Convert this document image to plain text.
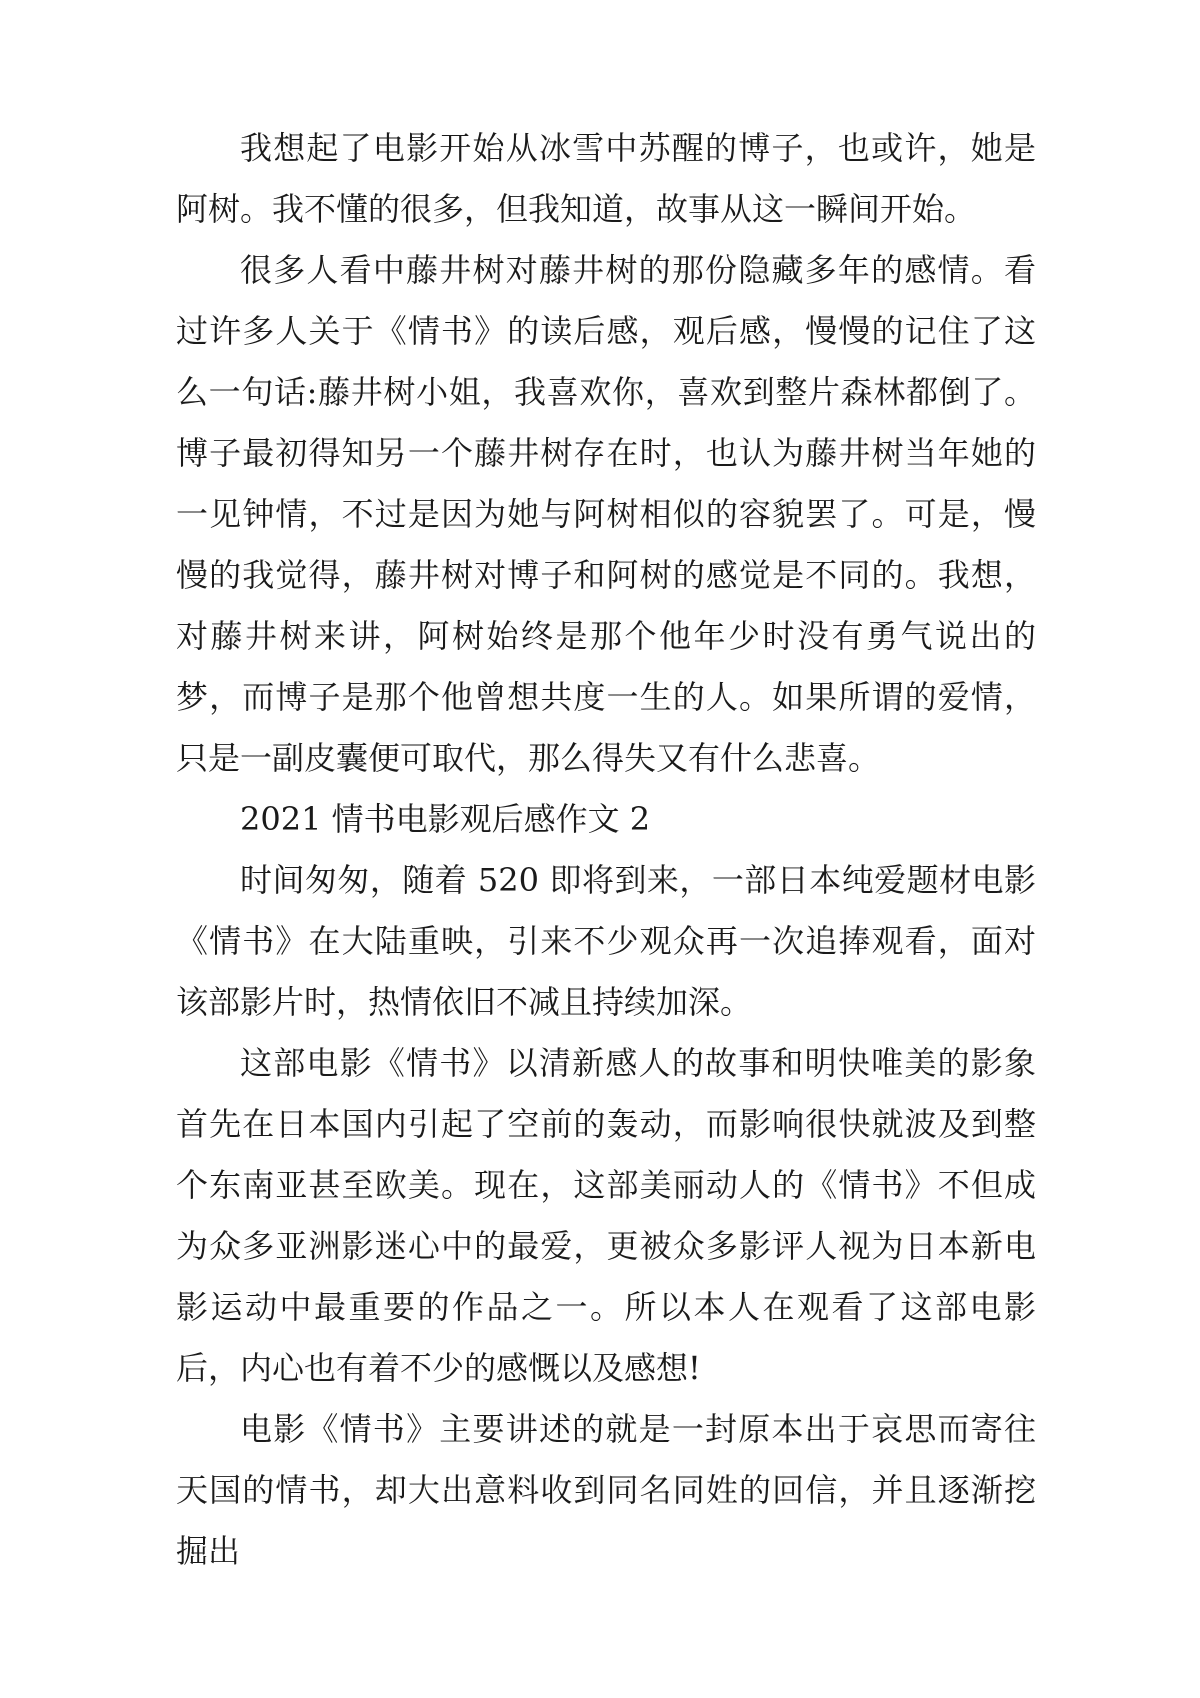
我想起了电影开始从冰雪中苏醒的博子，也或许，她是阿树。我不懂的很多，但我知道，故事从这一瞬间开始。

很多人看中藤井树对藤井树的那份隐藏多年的感情。看过许多人关于《情书》的读后感，观后感，慢慢的记住了这么一句话:藤井树小姐，我喜欢你，喜欢到整片森林都倒了。博子最初得知另一个藤井树存在时，也认为藤井树当年她的一见钟情，不过是因为她与阿树相似的容貌罢了。可是，慢慢的我觉得，藤井树对博子和阿树的感觉是不同的。我想，对藤井树来讲，阿树始终是那个他年少时没有勇气说出的梦，而博子是那个他曾想共度一生的人。如果所谓的爱情，只是一副皮囊便可取代，那么得失又有什么悲喜。

2021 情书电影观后感作文 2

时间匆匆，随着 520 即将到来，一部日本纯爱题材电影《情书》在大陆重映，引来不少观众再一次追捧观看，面对该部影片时，热情依旧不减且持续加深。

这部电影《情书》以清新感人的故事和明快唯美的影象首先在日本国内引起了空前的轰动，而影响很快就波及到整个东南亚甚至欧美。现在，这部美丽动人的《情书》不但成为众多亚洲影迷心中的最爱，更被众多影评人视为日本新电影运动中最重要的作品之一。所以本人在观看了这部电影后，内心也有着不少的感慨以及感想!

电影《情书》主要讲述的就是一封原本出于哀思而寄往天国的情书，却大出意料收到同名同姓的回信，并且逐渐挖掘出
